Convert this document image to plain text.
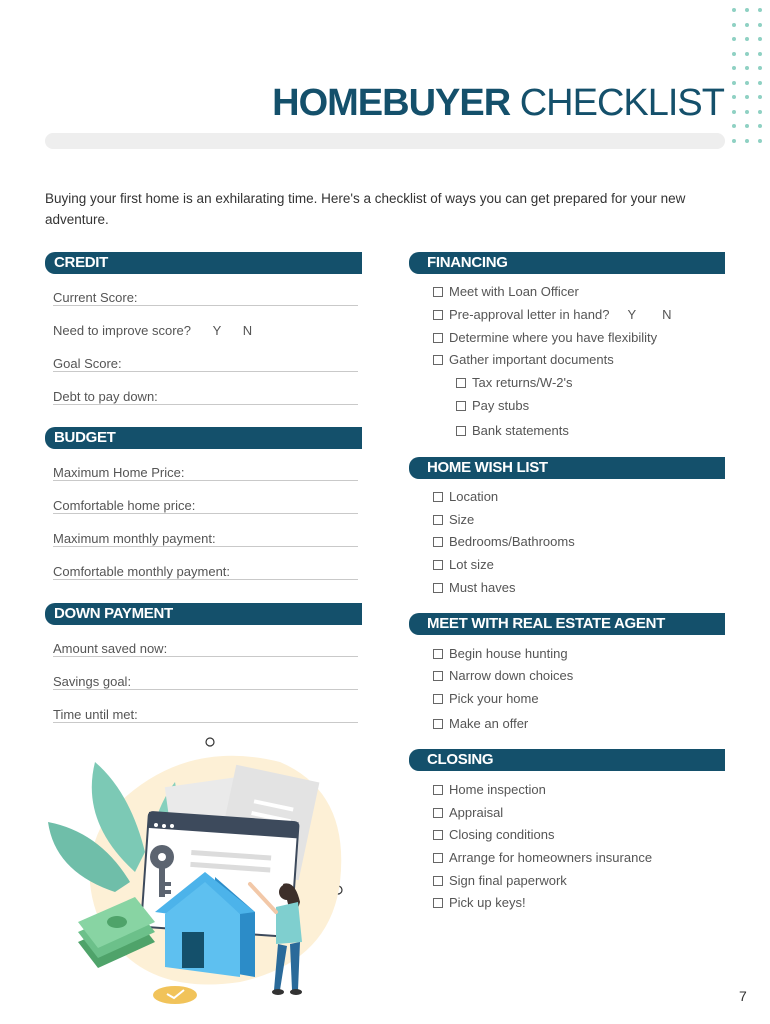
HOMEBUYER CHECKLIST

Buying your first home is an exhilarating time. Here's a checklist of ways you can get prepared for your new adventure.

CREDIT
Current Score:
Need to improve score? Y N
Goal Score:
Debt to pay down:
BUDGET
Maximum Home Price:
Comfortable home price:
Maximum monthly payment:
Comfortable monthly payment:
DOWN PAYMENT
Amount saved now:
Savings goal:
Time until met:
FINANCING
Meet with Loan Officer
Pre-approval letter in hand? Y N
Determine where you have flexibility
Gather important documents
Tax returns/W-2's
Pay stubs
Bank statements
HOME WISH LIST
Location
Size
Bedrooms/Bathrooms
Lot size
Must haves
MEET WITH REAL ESTATE AGENT
Begin house hunting
Narrow down choices
Pick your home
Make an offer
CLOSING
Home inspection
Appraisal
Closing conditions
Arrange for homeowners insurance
Sign final paperwork
Pick up keys!
7
